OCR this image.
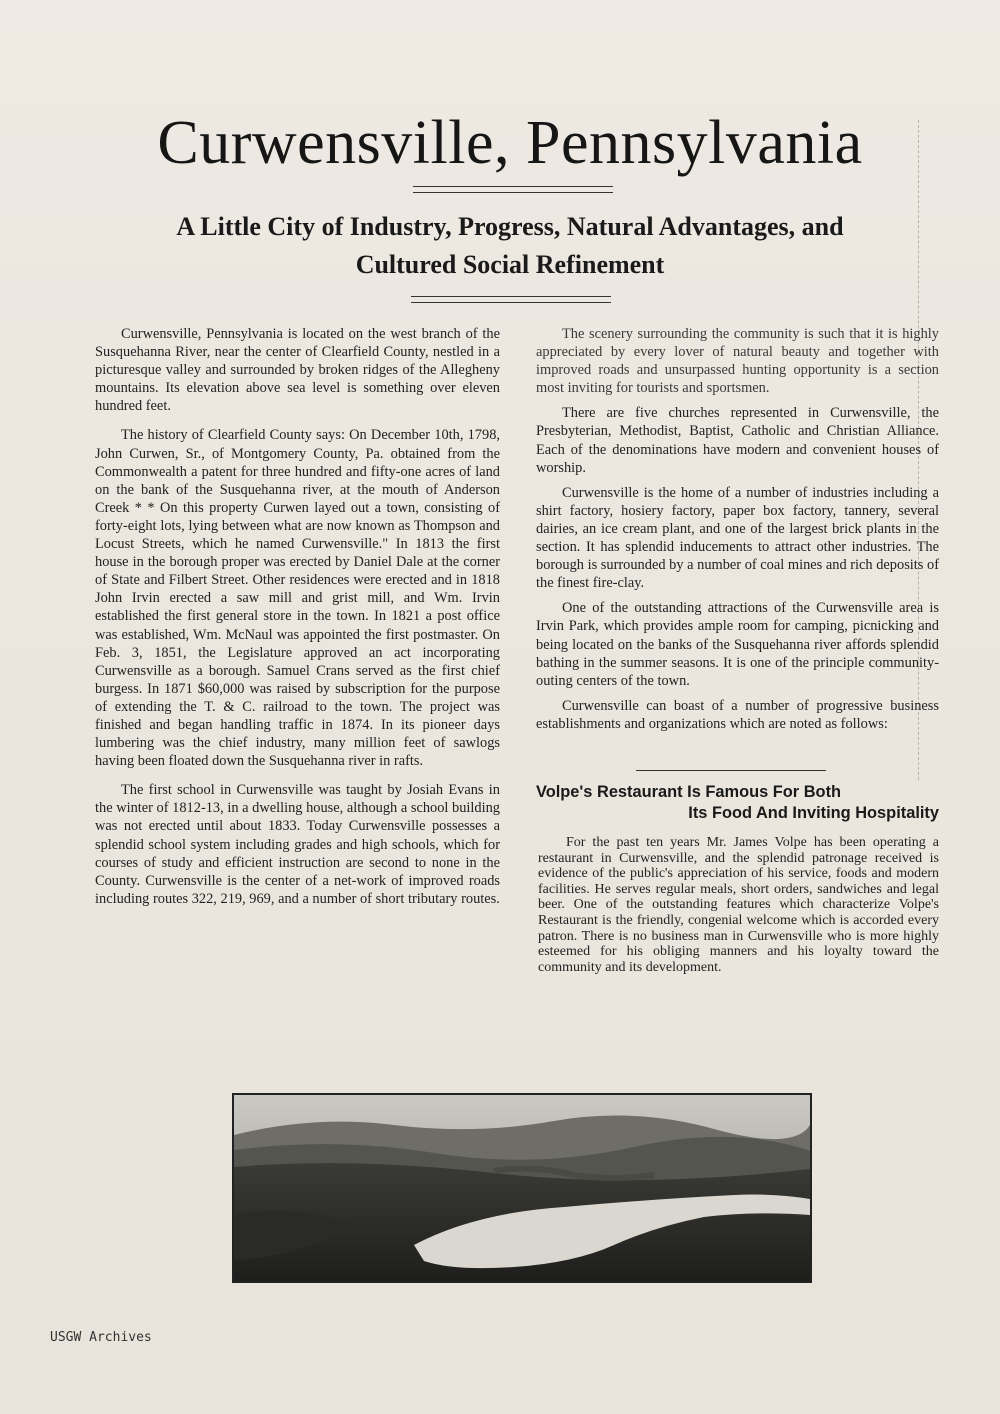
Curwensville, Pennsylvania
A Little City of Industry, Progress, Natural Advantages, and
Cultured Social Refinement

Curwensville, Pennsylvania is located on the west branch of the Susquehanna River, near the center of Clearfield County, nestled in a picturesque valley and surrounded by broken ridges of the Allegheny mountains. Its elevation above sea level is something over eleven hundred feet.

The history of Clearfield County says: On December 10th, 1798, John Curwen, Sr., of Montgomery County, Pa. obtained from the Commonwealth a patent for three hundred and fifty-one acres of land on the bank of the Susquehanna river, at the mouth of Anderson Creek * * On this property Curwen layed out a town, consisting of forty-eight lots, lying between what are now known as Thompson and Locust Streets, which he named Curwensville." In 1813 the first house in the borough proper was erected by Daniel Dale at the corner of State and Filbert Street. Other residences were erected and in 1818 John Irvin erected a saw mill and grist mill, and Wm. Irvin established the first general store in the town. In 1821 a post office was established, Wm. McNaul was appointed the first postmaster. On Feb. 3, 1851, the Legislature approved an act incorporating Curwensville as a borough. Samuel Crans served as the first chief burgess. In 1871 $60,000 was raised by subscription for the purpose of extending the T. & C. railroad to the town. The project was finished and began handling traffic in 1874. In its pioneer days lumbering was the chief industry, many million feet of sawlogs having been floated down the Susquehanna river in rafts.

The first school in Curwensville was taught by Josiah Evans in the winter of 1812-13, in a dwelling house, although a school building was not erected until about 1833. Today Curwensville possesses a splendid school system including grades and high schools, which for courses of study and efficient instruction are second to none in the County. Curwensville is the center of a net-work of improved roads including routes 322, 219, 969, and a number of short tributary routes.

The scenery surrounding the community is such that it is highly appreciated by every lover of natural beauty and together with improved roads and unsurpassed hunting opportunity is a section most inviting for tourists and sportsmen.

There are five churches represented in Curwensville, the Presbyterian, Methodist, Baptist, Catholic and Christian Alliance. Each of the denominations have modern and convenient houses of worship.

Curwensville is the home of a number of industries including a shirt factory, hosiery factory, paper box factory, tannery, several dairies, an ice cream plant, and one of the largest brick plants in the section. It has splendid inducements to attract other industries. The borough is surrounded by a number of coal mines and rich deposits of the finest fire-clay.

One of the outstanding attractions of the Curwensville area is Irvin Park, which provides ample room for camping, picnicking and being located on the banks of the Susquehanna river affords splendid bathing in the summer seasons. It is one of the principle community-outing centers of the town.

Curwensville can boast of a number of progressive business establishments and organizations which are noted as follows:

Volpe's Restaurant Is Famous For Both
Its Food And Inviting Hospitality

For the past ten years Mr. James Volpe has been operating a restaurant in Curwensville, and the splendid patronage received is evidence of the public's appreciation of his service, foods and modern facilities. He serves regular meals, short orders, sandwiches and legal beer. One of the outstanding features which characterize Volpe's Restaurant is the friendly, congenial welcome which is accorded every patron. There is no business man in Curwensville who is more highly esteemed for his obliging manners and his loyalty toward the community and its development.

USGW Archives
